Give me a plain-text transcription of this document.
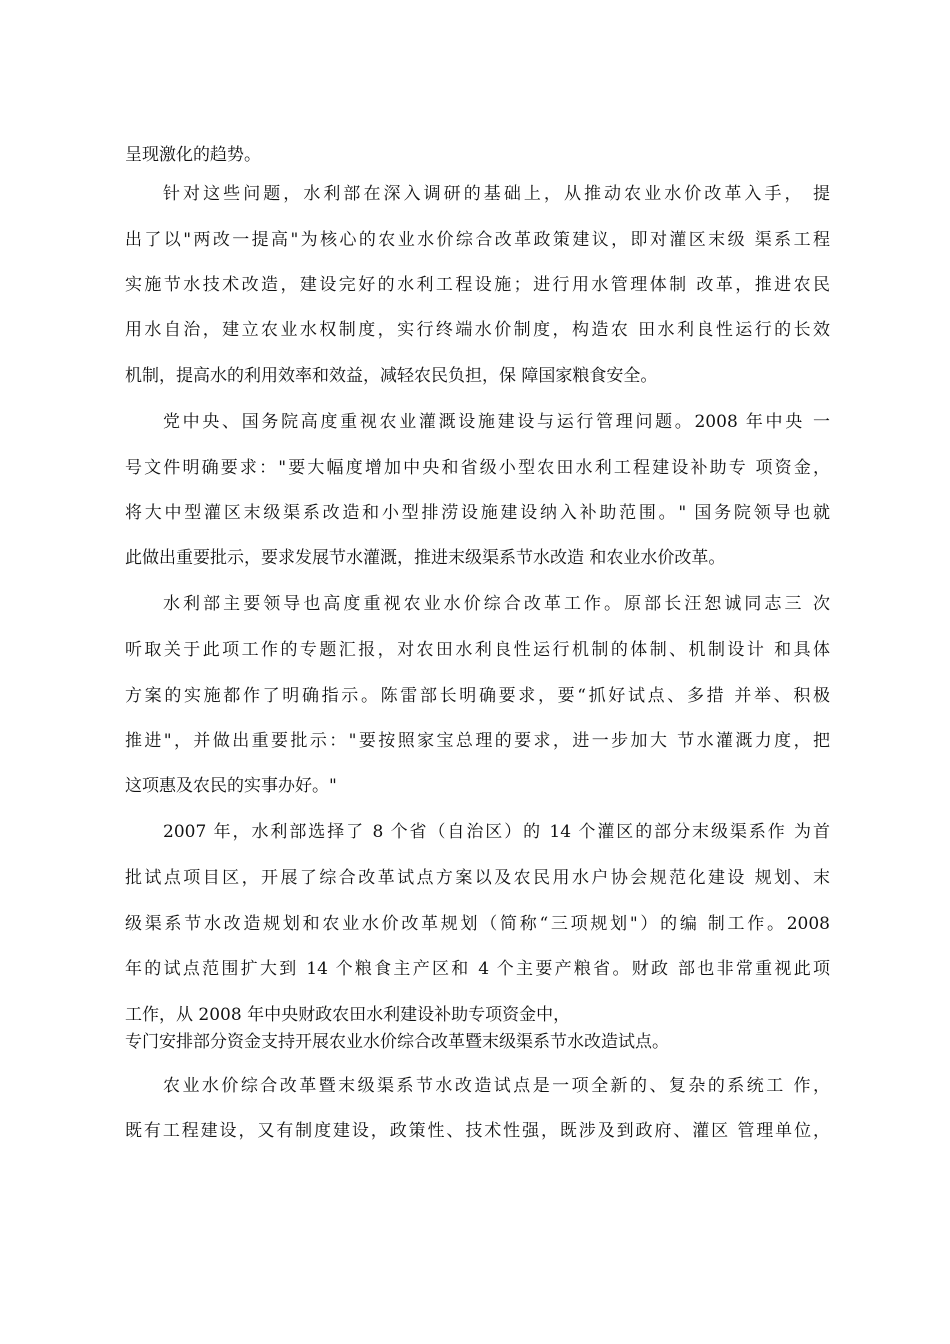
呈现激化的趋势。
针对这些问题，水利部在深入调研的基础上，从推动农业水价改革入手， 提
出了以"两改一提高"为核心的农业水价综合改革政策建议，即对灌区末级 渠系工程
实施节水技术改造，建设完好的水利工程设施；进行用水管理体制 改革，推进农民
用水自治，建立农业水权制度，实行终端水价制度，构造农 田水利良性运行的长效
机制，提高水的利用效率和效益，减轻农民负担，保 障国家粮食安全。
党中央、国务院高度重视农业灌溉设施建设与运行管理问题。2008 年中央 一
号文件明确要求："要大幅度增加中央和省级小型农田水利工程建设补助专 项资金，
将大中型灌区末级渠系改造和小型排涝设施建设纳入补助范围。" 国务院领导也就
此做出重要批示，要求发展节水灌溉，推进末级渠系节水改造 和农业水价改革。
水利部主要领导也高度重视农业水价综合改革工作。原部长汪恕诚同志三 次
听取关于此项工作的专题汇报，对农田水利良性运行机制的体制、机制设计 和具体
方案的实施都作了明确指示。陈雷部长明确要求，要“抓好试点、多措 并举、积极
推进"，并做出重要批示："要按照家宝总理的要求，进一步加大 节水灌溉力度，把
这项惠及农民的实事办好。"
2007 年，水利部选择了 8 个省（自治区）的 14 个灌区的部分末级渠系作 为首
批试点项目区，开展了综合改革试点方案以及农民用水户协会规范化建设 规划、末
级渠系节水改造规划和农业水价改革规划（简称“三项规划"）的编 制工作。2008
年的试点范围扩大到 14 个粮食主产区和 4 个主要产粮省。财政 部也非常重视此项
工作，从 2008 年中央财政农田水利建设补助专项资金中，
专门安排部分资金支持开展农业水价综合改革暨末级渠系节水改造试点。
农业水价综合改革暨末级渠系节水改造试点是一项全新的、复杂的系统工 作，
既有工程建设，又有制度建设，政策性、技术性强，既涉及到政府、灌区 管理单位，
